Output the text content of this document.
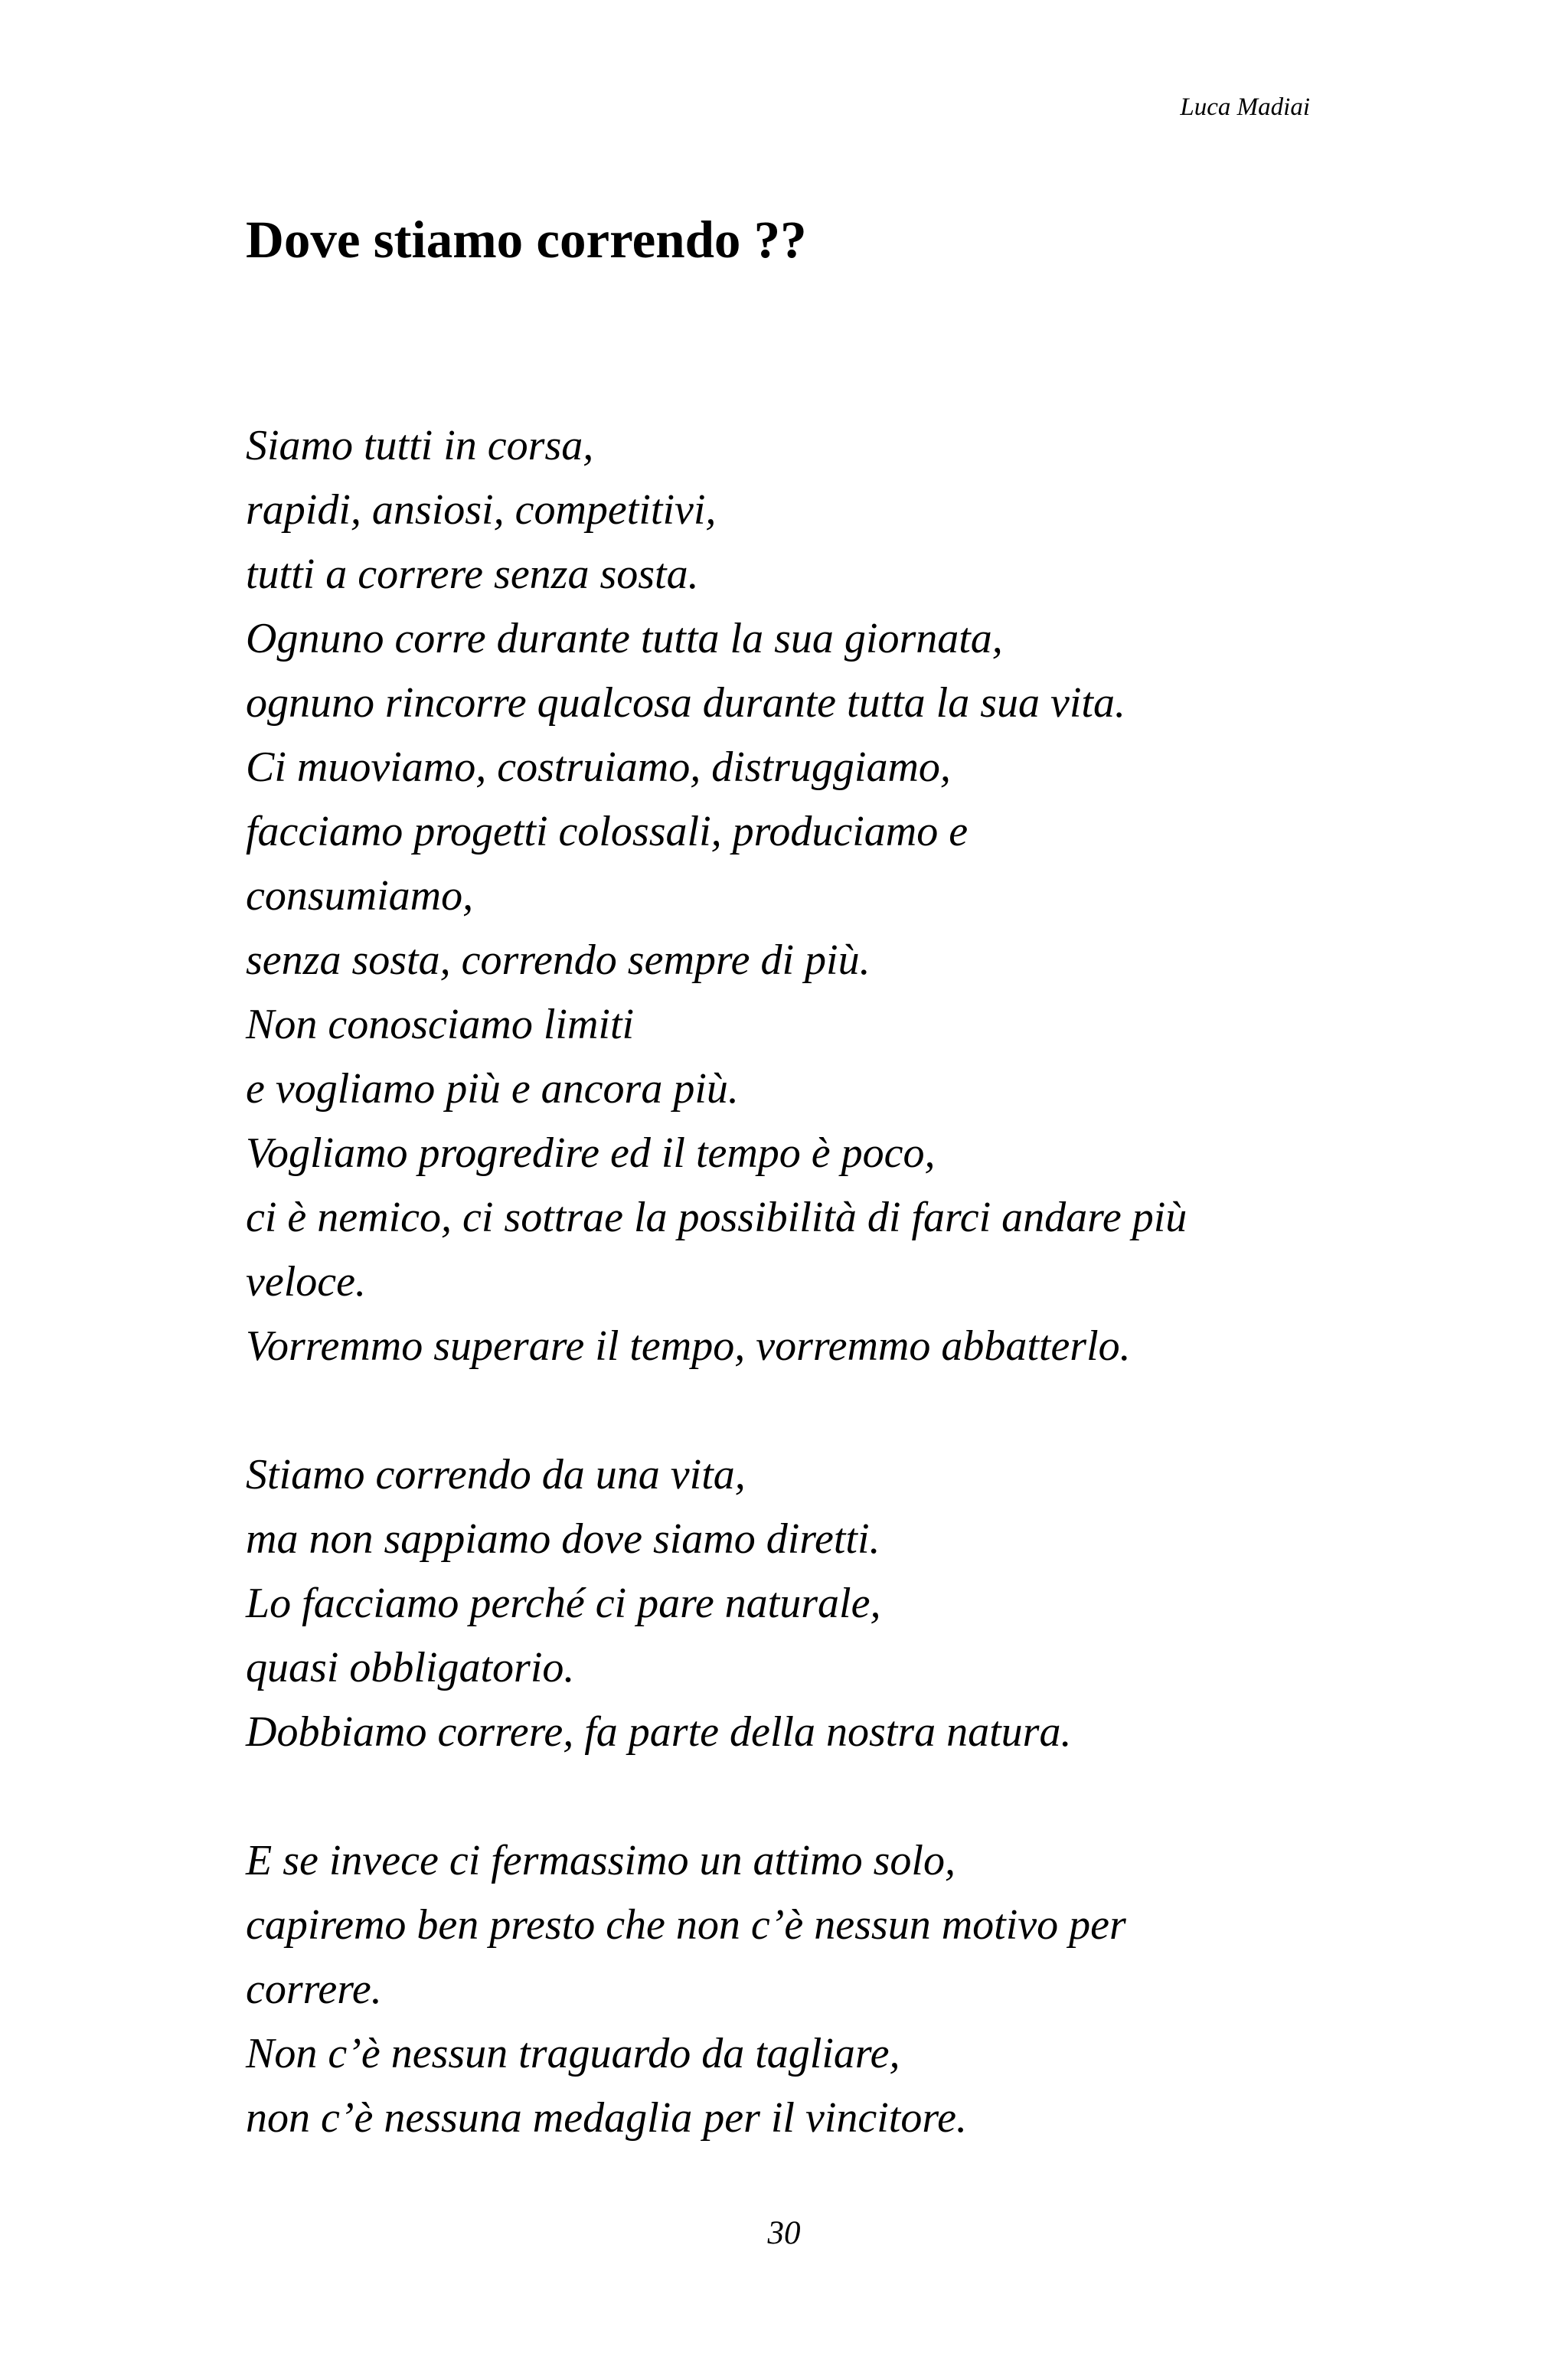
Luca Madiai
Dove stiamo correndo ??
Siamo tutti in corsa,
rapidi, ansiosi, competitivi,
tutti a correre senza sosta.
Ognuno corre durante tutta la sua giornata,
ognuno rincorre qualcosa durante tutta la sua vita.
Ci muoviamo, costruiamo, distruggiamo,
facciamo progetti colossali, produciamo e
consumiamo,
senza sosta, correndo sempre di più.
Non conosciamo limiti
e vogliamo più e ancora più.
Vogliamo progredire ed il tempo è poco,
ci è nemico, ci sottrae la possibilità di farci andare più
veloce.
Vorremmo superare il tempo, vorremmo abbatterlo.
Stiamo correndo da una vita,
ma non sappiamo dove siamo diretti.
Lo facciamo perché ci pare naturale,
quasi obbligatorio.
Dobbiamo correre, fa parte della nostra natura.
E se invece ci fermassimo un attimo solo,
capiremo ben presto che non c’è nessun motivo per
correre.
Non c’è nessun traguardo da tagliare,
non c’è nessuna medaglia per il vincitore.
30
